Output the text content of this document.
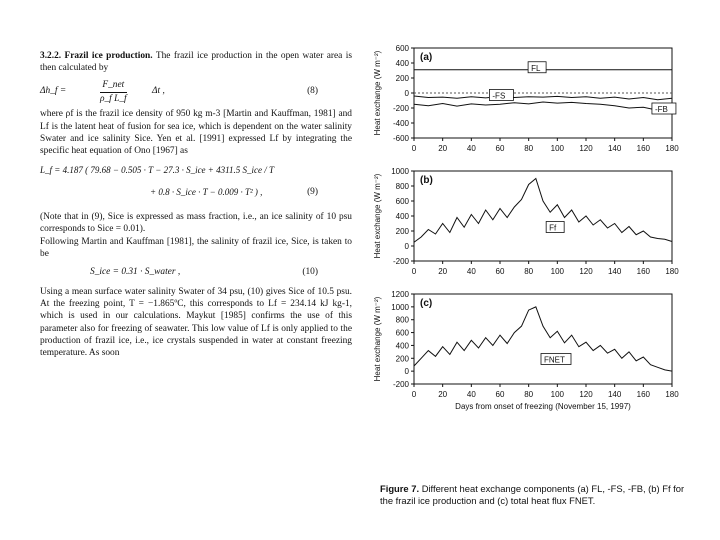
3.2.2. Frazil ice production. The frazil ice production in the open water area is then calculated by

Δh_f =
F_net
ρ_f L_f
Δt ,	(8)

where ρf is the frazil ice density of 950 kg m-3 [Martin and Kauffman, 1981] and Lf is the latent heat of fusion for sea ice, which is dependent on the water salinity Swater and ice salinity Sice. Yen et al. [1991] expressed Lf by integrating the specific heat equation of Ono [1967] as

L_f = 4.187 ( 79.68 − 0.505 · T − 27.3 · S_ice + 4311.5 S_ice / T
+ 0.8 · S_ice · T − 0.009 · T² ) ,	(9)

(Note that in (9), Sice is expressed as mass fraction, i.e., an ice salinity of 10 psu corresponds to Sice = 0.01).

Following Martin and Kauffman [1981], the salinity of frazil ice, Sice, is taken to be

S_ice = 0.31 · S_water ,	(10)

Using a mean surface water salinity Swater of 34 psu, (10) gives Sice of 10.5 psu. At the freezing point, T = −1.865ºC, this corresponds to Lf = 234.14 kJ kg-1, which is used in our calculations. Maykut [1985] confirms the use of this parameter also for freezing of seawater. This low value of Lf is only applied to the production of frazil ice, i.e., ice crystals suspended in water at constant freezing temperature. As soon

600
400
200
0
-200
-400
-600
0	20 40 60 80 100 120 140 160 180
(a)
FL
-FS
-FB
Heat exchange (W m⁻²)
1000
800
600
400
200
0
-200
0	20 40 60 80 100 120 140 160 180
(b)
Ff
Heat exchange (W m⁻²)
1200
1000
800
600
400
200
0
-200
0	20 40 60 80 100 120 140 160 180
(c)
FNET
Heat exchange (W m⁻²)
Days from onset of freezing (November 15, 1997)
Figure 7. Different heat exchange components (a) FL, -FS, -FB, (b) Ff for the frazil ice production and (c) total heat flux FNET.
